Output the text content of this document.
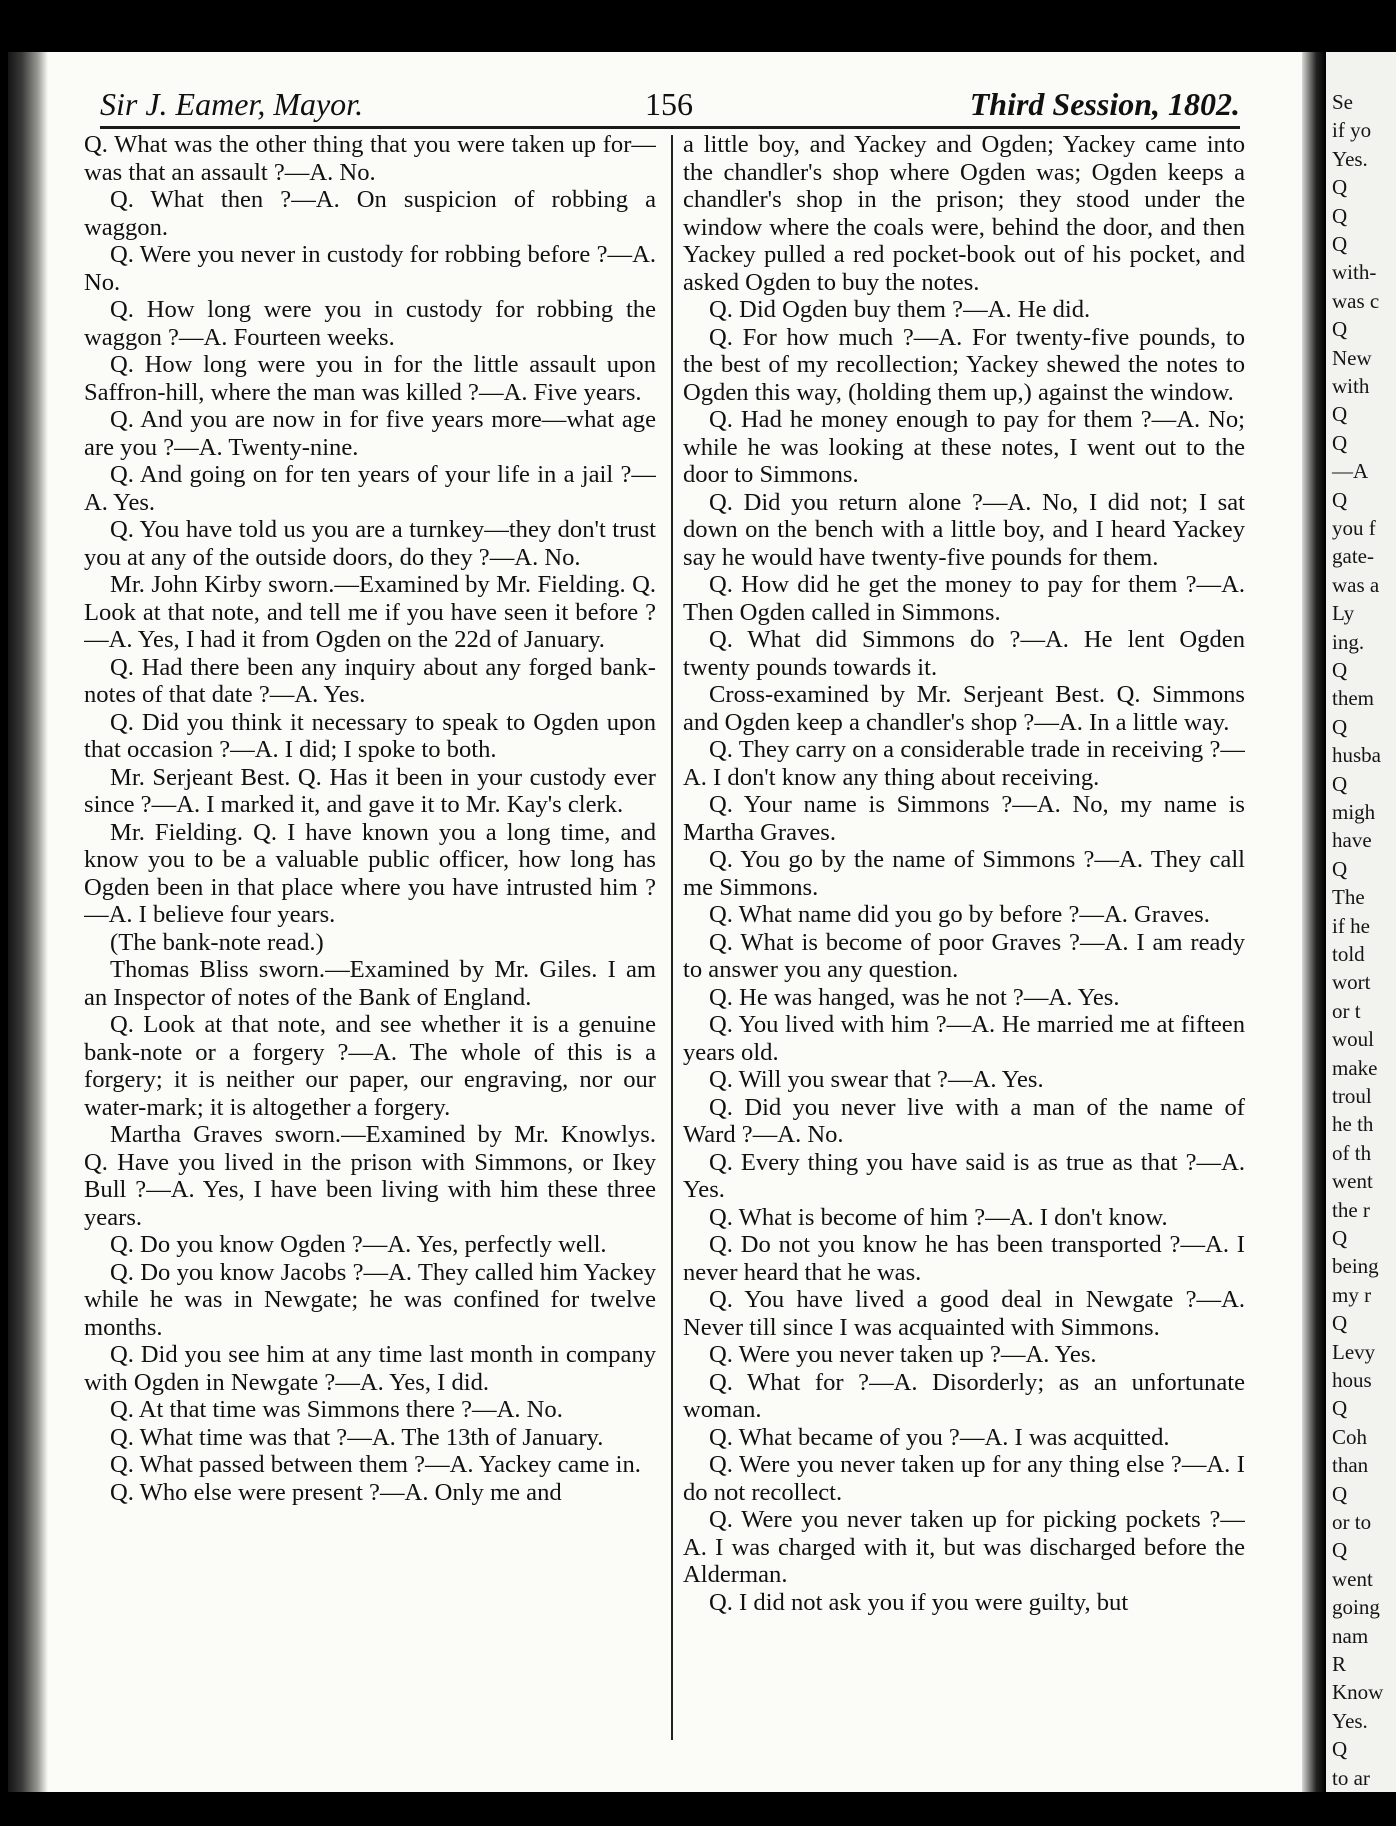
Se
if yo
Yes.
Q
Q
Q
with-
was c
Q
New
with
Q
Q
—A
Q
you f
gate-
was a
Ly
ing.
Q
them
Q
husba
Q
migh
have
Q
The
if he
told
wort
or t
woul
make
troul
he th
of th
went
the r
Q
being
my r
Q
Levy
hous
Q
Coh
than
Q
or to
Q
went
going
nam
R
Know
Yes.
Q
to ar
Sir J. Eamer, Mayor.	156	Third Session, 1802.

Q. What was the other thing that you were taken up for—was that an assault ?—A. No.

Q. What then ?—A. On suspicion of robbing a waggon.

Q. Were you never in custody for robbing before ?—A. No.

Q. How long were you in custody for robbing the waggon ?—A. Fourteen weeks.

Q. How long were you in for the little assault upon Saffron-hill, where the man was killed ?—A. Five years.

Q. And you are now in for five years more—what age are you ?—A. Twenty-nine.

Q. And going on for ten years of your life in a jail ?—A. Yes.

Q. You have told us you are a turnkey—they don't trust you at any of the outside doors, do they ?—A. No.

Mr. John Kirby sworn.—Examined by Mr. Fielding. Q. Look at that note, and tell me if you have seen it before ?—A. Yes, I had it from Ogden on the 22d of January.

Q. Had there been any inquiry about any forged bank-notes of that date ?—A. Yes.

Q. Did you think it necessary to speak to Ogden upon that occasion ?—A. I did; I spoke to both.

Mr. Serjeant Best. Q. Has it been in your custody ever since ?—A. I marked it, and gave it to Mr. Kay's clerk.

Mr. Fielding. Q. I have known you a long time, and know you to be a valuable public officer, how long has Ogden been in that place where you have intrusted him ?—A. I believe four years.

(The bank-note read.)

Thomas Bliss sworn.—Examined by Mr. Giles. I am an Inspector of notes of the Bank of England.

Q. Look at that note, and see whether it is a genuine bank-note or a forgery ?—A. The whole of this is a forgery; it is neither our paper, our engraving, nor our water-mark; it is altogether a forgery.

Martha Graves sworn.—Examined by Mr. Knowlys. Q. Have you lived in the prison with Simmons, or Ikey Bull ?—A. Yes, I have been living with him these three years.

Q. Do you know Ogden ?—A. Yes, perfectly well.

Q. Do you know Jacobs ?—A. They called him Yackey while he was in Newgate; he was confined for twelve months.

Q. Did you see him at any time last month in company with Ogden in Newgate ?—A. Yes, I did.

Q. At that time was Simmons there ?—A. No.

Q. What time was that ?—A. The 13th of January.

Q. What passed between them ?—A. Yackey came in.

Q. Who else were present ?—A. Only me and

a little boy, and Yackey and Ogden; Yackey came into the chandler's shop where Ogden was; Ogden keeps a chandler's shop in the prison; they stood under the window where the coals were, behind the door, and then Yackey pulled a red pocket-book out of his pocket, and asked Ogden to buy the notes.

Q. Did Ogden buy them ?—A. He did.

Q. For how much ?—A. For twenty-five pounds, to the best of my recollection; Yackey shewed the notes to Ogden this way, (holding them up,) against the window.

Q. Had he money enough to pay for them ?—A. No; while he was looking at these notes, I went out to the door to Simmons.

Q. Did you return alone ?—A. No, I did not; I sat down on the bench with a little boy, and I heard Yackey say he would have twenty-five pounds for them.

Q. How did he get the money to pay for them ?—A. Then Ogden called in Simmons.

Q. What did Simmons do ?—A. He lent Ogden twenty pounds towards it.

Cross-examined by Mr. Serjeant Best. Q. Simmons and Ogden keep a chandler's shop ?—A. In a little way.

Q. They carry on a considerable trade in receiving ?—A. I don't know any thing about receiving.

Q. Your name is Simmons ?—A. No, my name is Martha Graves.

Q. You go by the name of Simmons ?—A. They call me Simmons.

Q. What name did you go by before ?—A. Graves.

Q. What is become of poor Graves ?—A. I am ready to answer you any question.

Q. He was hanged, was he not ?—A. Yes.

Q. You lived with him ?—A. He married me at fifteen years old.

Q. Will you swear that ?—A. Yes.

Q. Did you never live with a man of the name of Ward ?—A. No.

Q. Every thing you have said is as true as that ?—A. Yes.

Q. What is become of him ?—A. I don't know.

Q. Do not you know he has been transported ?—A. I never heard that he was.

Q. You have lived a good deal in Newgate ?—A. Never till since I was acquainted with Simmons.

Q. Were you never taken up ?—A. Yes.

Q. What for ?—A. Disorderly; as an unfortunate woman.

Q. What became of you ?—A. I was acquitted.

Q. Were you never taken up for any thing else ?—A. I do not recollect.

Q. Were you never taken up for picking pockets ?—A. I was charged with it, but was discharged before the Alderman.

Q. I did not ask you if you were guilty, but
